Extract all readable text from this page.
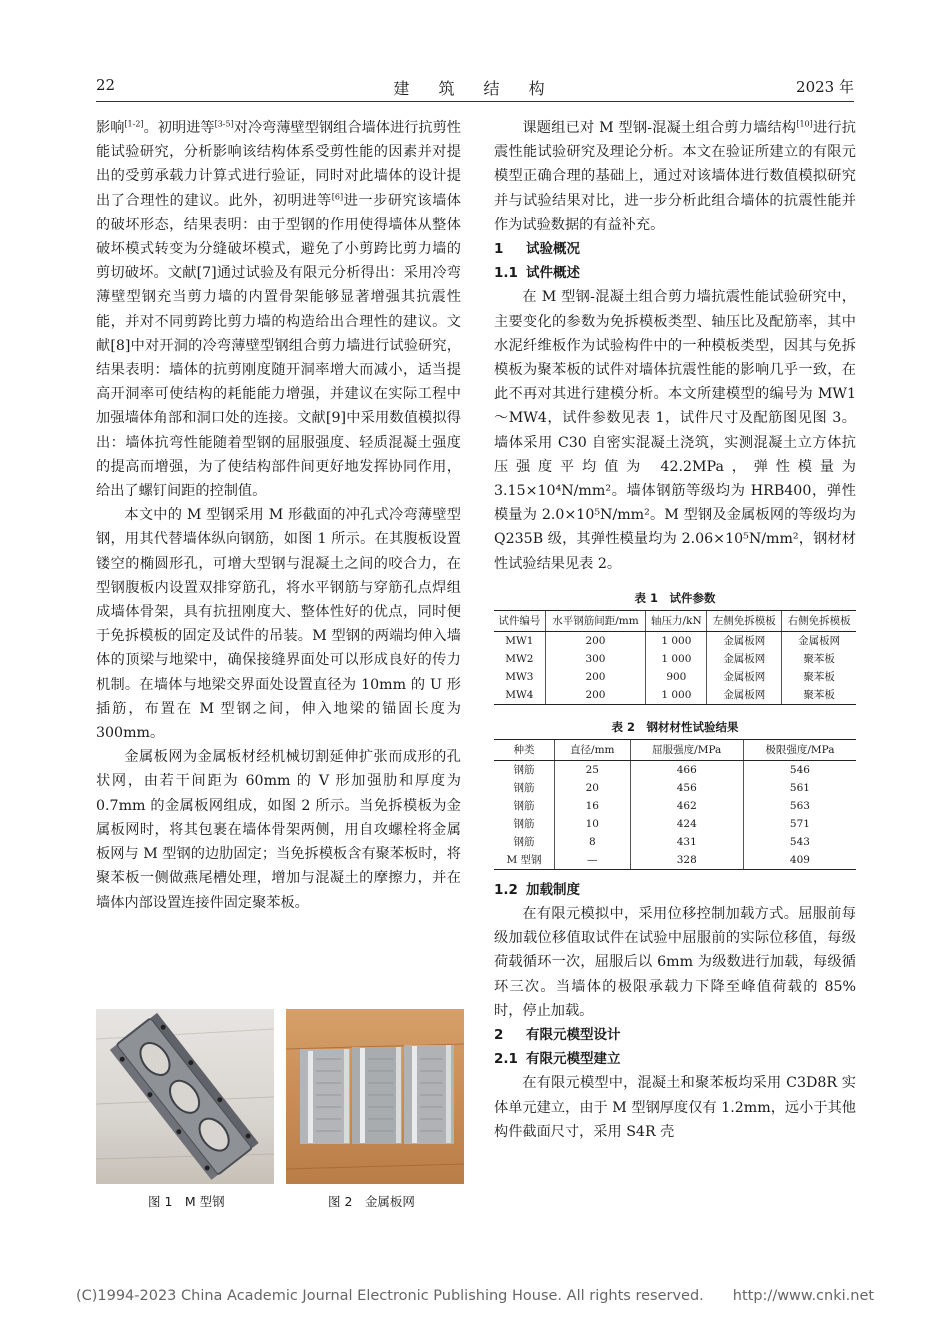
22	建 筑 结 构	2023 年

影响[1-2]。初明进等[3-5]对冷弯薄壁型钢组合墙体进行抗剪性能试验研究，分析影响该结构体系受剪性能的因素并对提出的受剪承载力计算式进行验证，同时对此墙体的设计提出了合理性的建议。此外，初明进等[6]进一步研究该墙体的破坏形态，结果表明：由于型钢的作用使得墙体从整体破坏模式转变为分缝破坏模式，避免了小剪跨比剪力墙的剪切破坏。文献[7]通过试验及有限元分析得出：采用冷弯薄壁型钢充当剪力墙的内置骨架能够显著增强其抗震性能，并对不同剪跨比剪力墙的构造给出合理性的建议。文献[8]中对开洞的冷弯薄壁型钢组合剪力墙进行试验研究，结果表明：墙体的抗剪刚度随开洞率增大而减小，适当提高开洞率可使结构的耗能能力增强，并建议在实际工程中加强墙体角部和洞口处的连接。文献[9]中采用数值模拟得出：墙体抗弯性能随着型钢的屈服强度、轻质混凝土强度的提高而增强，为了使结构部件间更好地发挥协同作用，给出了螺钉间距的控制值。

本文中的 M 型钢采用 M 形截面的冲孔式冷弯薄壁型钢，用其代替墙体纵向钢筋，如图 1 所示。在其腹板设置镂空的椭圆形孔，可增大型钢与混凝土之间的咬合力，在型钢腹板内设置双排穿筋孔，将水平钢筋与穿筋孔点焊组成墙体骨架，具有抗扭刚度大、整体性好的优点，同时便于免拆模板的固定及试件的吊装。M 型钢的两端均伸入墙体的顶梁与地梁中，确保接缝界面处可以形成良好的传力机制。在墙体与地梁交界面处设置直径为 10mm 的 U 形插筋，布置在 M 型钢之间，伸入地梁的锚固长度为 300mm。

金属板网为金属板材经机械切割延伸扩张而成形的孔状网，由若干间距为 60mm 的 V 形加强肋和厚度为 0.7mm 的金属板网组成，如图 2 所示。当免拆模板为金属板网时，将其包裹在墙体骨架两侧，用自攻螺栓将金属板网与 M 型钢的边肋固定；当免拆模板含有聚苯板时，将聚苯板一侧做燕尾槽处理，增加与混凝土的摩擦力，并在墙体内部设置连接件固定聚苯板。

图 1　M 型钢	图 2　金属板网

课题组已对 M 型钢-混凝土组合剪力墙结构[10]进行抗震性能试验研究及理论分析。本文在验证所建立的有限元模型正确合理的基础上，通过对该墙体进行数值模拟研究并与试验结果对比，进一步分析此组合墙体的抗震性能并作为试验数据的有益补充。

1 试验概况
1.1 试件概述

在 M 型钢-混凝土组合剪力墙抗震性能试验研究中，主要变化的参数为免拆模板类型、轴压比及配筋率，其中水泥纤维板作为试验构件中的一种模板类型，因其与免拆模板为聚苯板的试件对墙体抗震性能的影响几乎一致，在此不再对其进行建模分析。本文所建模型的编号为 MW1～MW4，试件参数见表 1，试件尺寸及配筋图见图 3。墙体采用 C30 自密实混凝土浇筑，实测混凝土立方体抗压强度平均值为 42.2MPa，弹性模量为 3.15×10⁴N/mm²。墙体钢筋等级均为 HRB400，弹性模量为 2.0×10⁵N/mm²。M 型钢及金属板网的等级均为 Q235B 级，其弹性模量均为 2.06×10⁵N/mm²，钢材材性试验结果见表 2。

表 1　试件参数
试件编号	水平钢筋间距/mm	轴压力/kN	左侧免拆模板	右侧免拆模板
MW1	200	1 000	金属板网	金属板网
MW2	300	1 000	金属板网	聚苯板
MW3	200	900	金属板网	聚苯板
MW4	200	1 000	金属板网	聚苯板
表 2　钢材材性试验结果
种类	直径/mm	屈服强度/MPa	极限强度/MPa
钢筋	25	466	546
钢筋	20	456	561
钢筋	16	462	563
钢筋	10	424	571
钢筋	8	431	543
M 型钢	—	328	409
1.2 加载制度

在有限元模拟中，采用位移控制加载方式。屈服前每级加载位移值取试件在试验中屈服前的实际位移值，每级荷载循环一次，屈服后以 6mm 为级数进行加载，每级循环三次。当墙体的极限承载力下降至峰值荷载的 85%时，停止加载。

2 有限元模型设计
2.1 有限元模型建立

在有限元模型中，混凝土和聚苯板均采用 C3D8R 实体单元建立，由于 M 型钢厚度仅有 1.2mm，远小于其他构件截面尺寸，采用 S4R 壳

(C)1994-2023 China Academic Journal Electronic Publishing House. All rights reserved.　　http://www.cnki.net
